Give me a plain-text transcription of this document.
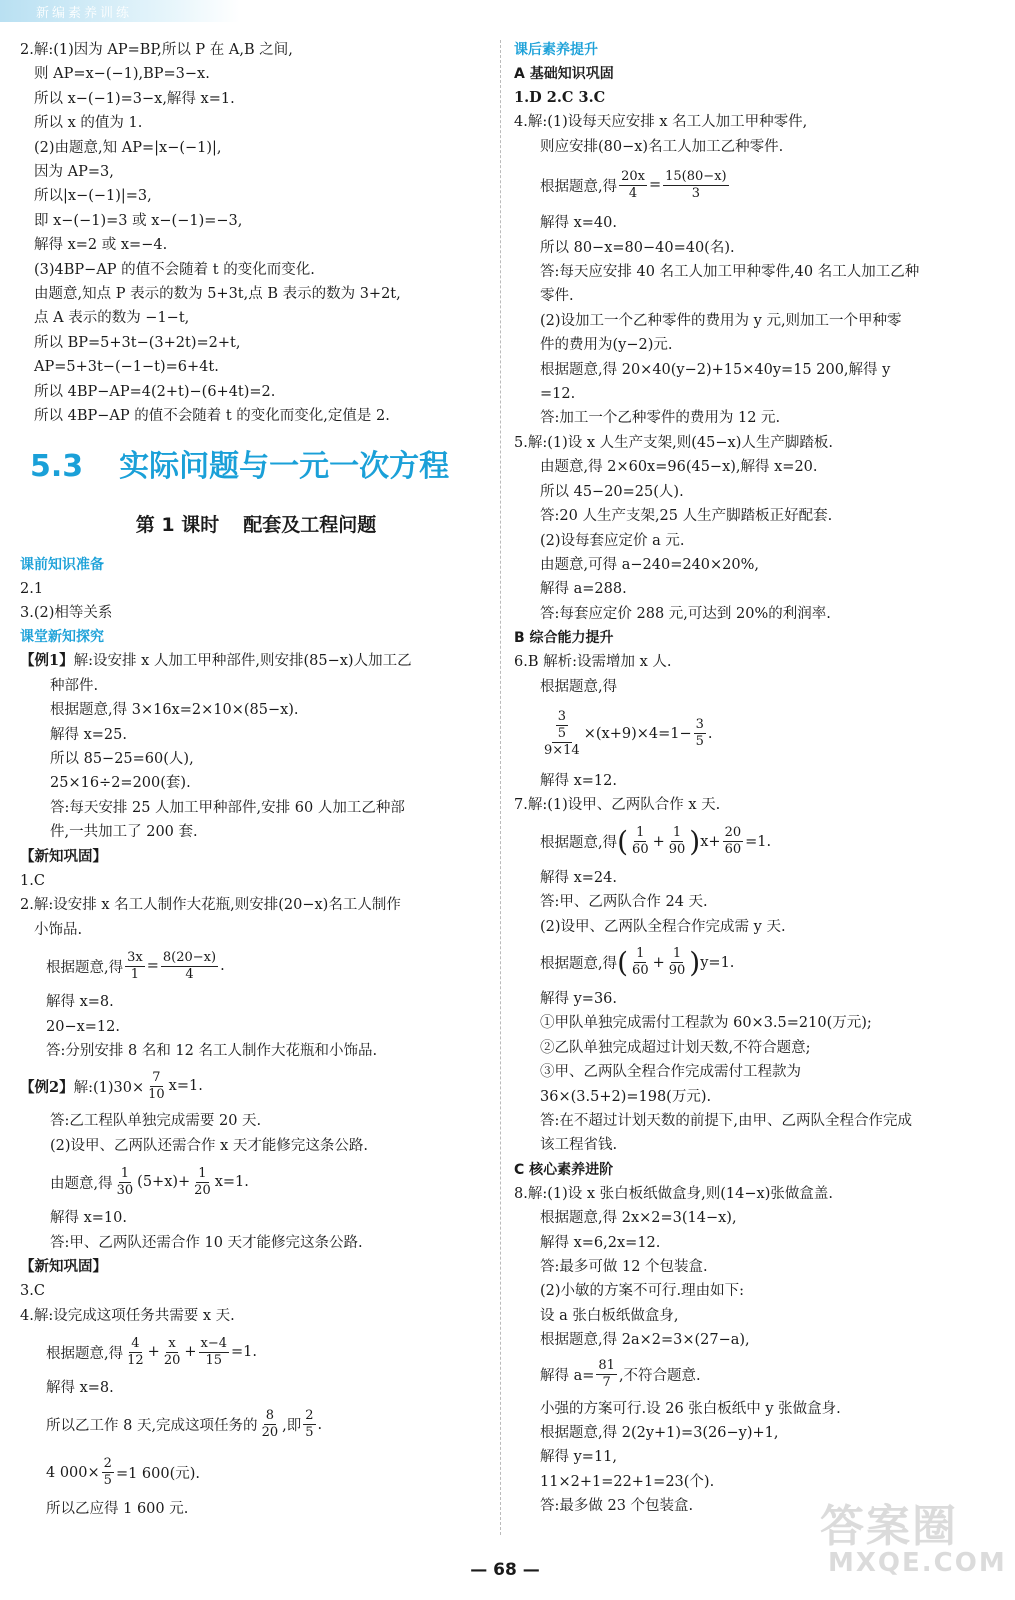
新编素养训练
2.解:(1)因为 AP=BP,所以 P 在 A,B 之间,
则 AP=x−(−1),BP=3−x.
所以 x−(−1)=3−x,解得 x=1.
所以 x 的值为 1.
(2)由题意,知 AP=|x−(−1)|,
因为 AP=3,
所以|x−(−1)|=3,
即 x−(−1)=3 或 x−(−1)=−3,
解得 x=2 或 x=−4.
(3)4BP−AP 的值不会随着 t 的变化而变化.
由题意,知点 P 表示的数为 5+3t,点 B 表示的数为 3+2t,
点 A 表示的数为 −1−t,
所以 BP=5+3t−(3+2t)=2+t,
AP=5+3t−(−1−t)=6+4t.
所以 4BP−AP=4(2+t)−(6+4t)=2.
所以 4BP−AP 的值不会随着 t 的变化而变化,定值是 2.
5.3 实际问题与一元一次方程
第 1 课时 配套及工程问题
课前知识准备
2.1
3.(2)相等关系
课堂新知探究
【例1】解:设安排 x 人加工甲种部件,则安排(85−x)人加工乙
种部件.
根据题意,得 3×16x=2×10×(85−x).
解得 x=25.
所以 85−25=60(人),
25×16÷2=200(套).
答:每天安排 25 人加工甲种部件,安排 60 人加工乙种部
件,一共加工了 200 套.
【新知巩固】
1.C
2.解:设安排 x 名工人制作大花瓶,则安排(20−x)名工人制作
小饰品.
根据题意,得 $\frac{3x}{1} = \frac{8(20-x)}{4}$ .
解得 x=8.
20−x=12.
答:分别安排 8 名和 12 名工人制作大花瓶和小饰品.
【例2】 解:(1)30× $\frac{7}{10} x=1$.
答:乙工程队单独完成需要 20 天.
(2)设甲、乙两队还需合作 x 天才能修完这条公路.
由题意,得 $\frac{1}{30} (5+x)+ \frac{1}{20} x=1$.
解得 x=10.
答:甲、乙两队还需合作 10 天才能修完这条公路.
【新知巩固】
3.C
4.解:设完成这项任务共需要 x 天.
根据题意,得 $\frac{4}{12} + \frac{x}{20} + \frac{x-4}{15} =1$.
解得 x=8.
所以乙工作 8 天,完成这项任务的 $\frac{8}{20}$ ,即 $\frac{2}{5}$ .
4 $000\times \frac{2}{5} =1$ 600(元).
所以乙应得 1 600 元.
课后素养提升
A 基础知识巩固
1.D 2.C 3.C
4.解:(1)设每天应安排 x 名工人加工甲种零件,
则应安排(80−x)名工人加工乙种零件.
根据题意,得 $\frac{20x}{4} = \frac{15(80-x)}{3}$
解得 x=40.
所以 80−x=80−40=40(名).
答:每天应安排 40 名工人加工甲种零件,40 名工人加工乙种
零件.
(2)设加工一个乙种零件的费用为 y 元,则加工一个甲种零
件的费用为(y−2)元.
根据题意,得 20×40(y−2)+15×40y=15 200,解得 y
=12.
答:加工一个乙种零件的费用为 12 元.
5.解:(1)设 x 人生产支架,则(45−x)人生产脚踏板.
由题意,得 2×60x=96(45−x),解得 x=20.
所以 45−20=25(人).
答:20 人生产支架,25 人生产脚踏板正好配套.
(2)设每套应定价 a 元.
由题意,可得 a−240=240×20%,
解得 a=288.
答:每套应定价 288 元,可达到 20%的利润率.
B 综合能力提升
6.B 解析:设需增加 x 人.
根据题意,得
$\frac{\frac{3}{5}}{9\times 14} \times(x+9)\times 4=1- \frac{3}{5}$ .
解得 x=12.
7.解:(1)设甲、乙两队合作 x 天.
根据题意,得 ( $\frac{1}{60} + \frac{1}{90}$ ) $x+ \frac{20}{60} =1$.
解得 x=24.
答:甲、乙两队合作 24 天.
(2)设甲、乙两队全程合作完成需 y 天.
根据题意,得 ( $\frac{1}{60} + \frac{1}{90}$ ) y=1.
解得 y=36.
①甲队单独完成需付工程款为 60×3.5=210(万元);
②乙队单独完成超过计划天数,不符合题意;
③甲、乙两队全程合作完成需付工程款为
36×(3.5+2)=198(万元).
答:在不超过计划天数的前提下,由甲、乙两队全程合作完成
该工程省钱.
C 核心素养进阶
8.解:(1)设 x 张白板纸做盒身,则(14−x)张做盒盖.
根据题意,得 2x×2=3(14−x),
解得 x=6,2x=12.
答:最多可做 12 个包装盒.
(2)小敏的方案不可行.理由如下:
设 a 张白板纸做盒身,
根据题意,得 2a×2=3×(27−a),
解得 $a= \frac{81}{7}$ ,不符合题意.
小强的方案可行.设 26 张白板纸中 y 张做盒身.
根据题意,得 2(2y+1)=3(26−y)+1,
解得 y=11,
11×2+1=22+1=23(个).
答:最多做 23 个包装盒.
— 68 —
答案圈
MXQE.COM
